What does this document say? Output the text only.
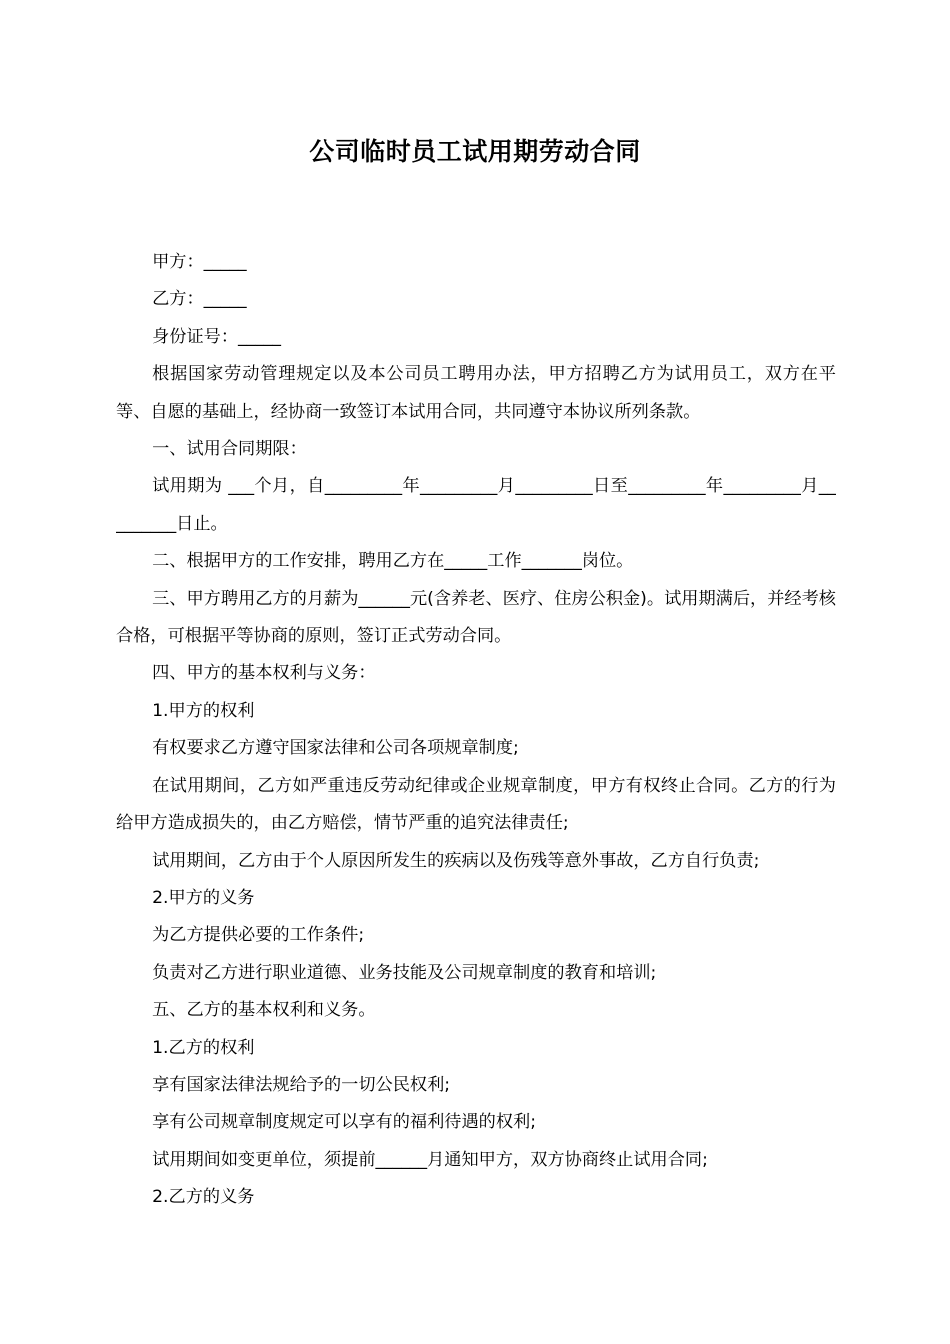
公司临时员工试用期劳动合同

甲方：_____

乙方：_____

身份证号：_____

根据国家劳动管理规定以及本公司员工聘用办法，甲方招聘乙方为试用员工，双方在平等、自愿的基础上，经协商一致签订本试用合同，共同遵守本协议所列条款。

一、试用合同期限：

试用期为 ___个月，自_________年_________月_________日至_________年_________月_________日止。

二、根据甲方的工作安排，聘用乙方在_____工作_______岗位。

三、甲方聘用乙方的月薪为______元(含养老、医疗、住房公积金)。试用期满后，并经考核合格，可根据平等协商的原则，签订正式劳动合同。

四、甲方的基本权利与义务：

1.甲方的权利

有权要求乙方遵守国家法律和公司各项规章制度;

在试用期间，乙方如严重违反劳动纪律或企业规章制度，甲方有权终止合同。乙方的行为给甲方造成损失的，由乙方赔偿，情节严重的追究法律责任;

试用期间，乙方由于个人原因所发生的疾病以及伤残等意外事故，乙方自行负责;

2.甲方的义务

为乙方提供必要的工作条件;

负责对乙方进行职业道德、业务技能及公司规章制度的教育和培训;

五、乙方的基本权利和义务。

1.乙方的权利

享有国家法律法规给予的一切公民权利;

享有公司规章制度规定可以享有的福利待遇的权利;

试用期间如变更单位，须提前______月通知甲方，双方协商终止试用合同;

2.乙方的义务
